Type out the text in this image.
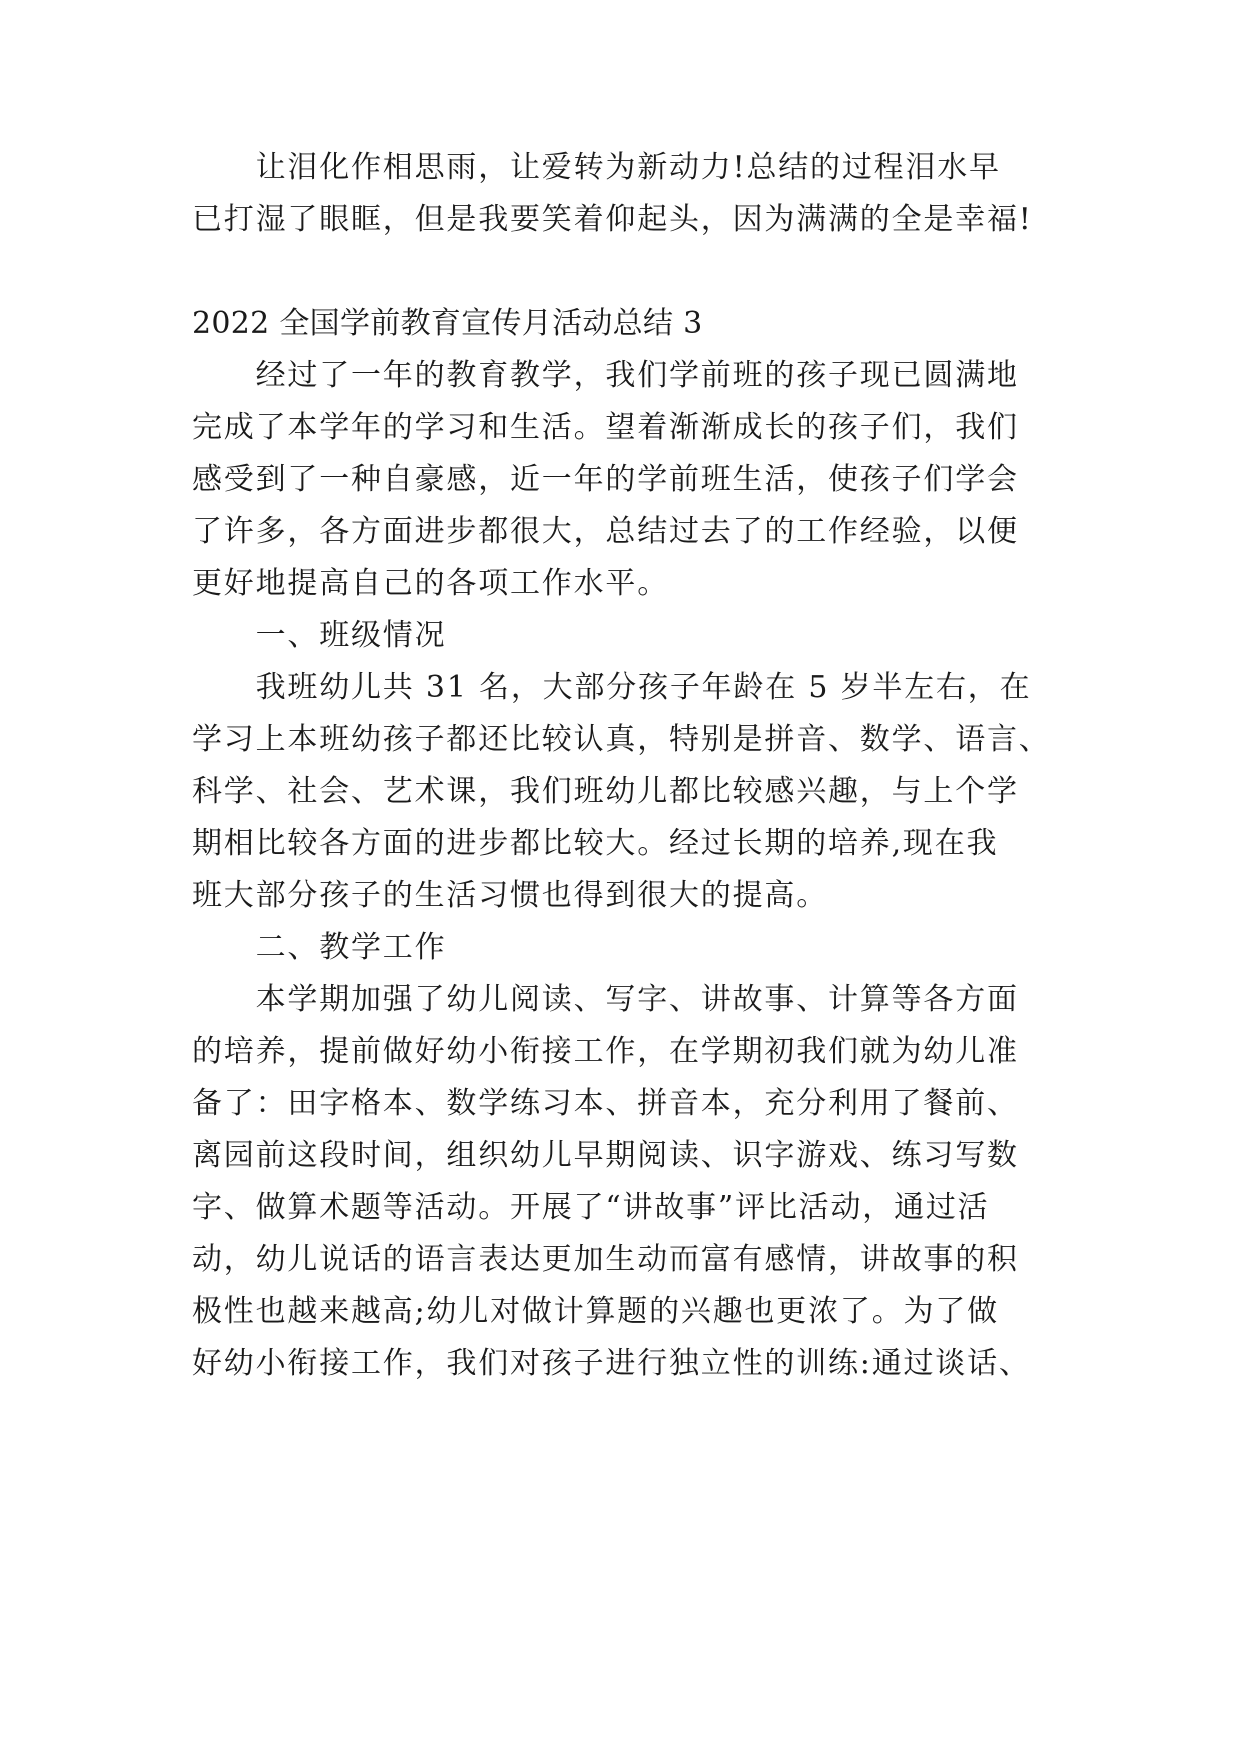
　　让泪化作相思雨，让爱转为新动力!总结的过程泪水早
已打湿了眼眶，但是我要笑着仰起头，因为满满的全是幸福!
2022 全国学前教育宣传月活动总结 3
　　经过了一年的教育教学，我们学前班的孩子现已圆满地
完成了本学年的学习和生活。望着渐渐成长的孩子们，我们
感受到了一种自豪感，近一年的学前班生活，使孩子们学会
了许多，各方面进步都很大，总结过去了的工作经验，以便
更好地提高自己的各项工作水平。
　　一、班级情况
　　我班幼儿共 31 名，大部分孩子年龄在 5 岁半左右，在
学习上本班幼孩子都还比较认真，特别是拼音、数学、语言、
科学、社会、艺术课，我们班幼儿都比较感兴趣，与上个学
期相比较各方面的进步都比较大。经过长期的培养,现在我
班大部分孩子的生活习惯也得到很大的提高。
　　二、教学工作
　　本学期加强了幼儿阅读、写字、讲故事、计算等各方面
的培养，提前做好幼小衔接工作，在学期初我们就为幼儿准
备了：田字格本、数学练习本、拼音本，充分利用了餐前、
离园前这段时间，组织幼儿早期阅读、识字游戏、练习写数
字、做算术题等活动。开展了“讲故事”评比活动，通过活
动，幼儿说话的语言表达更加生动而富有感情，讲故事的积
极性也越来越高;幼儿对做计算题的兴趣也更浓了。为了做
好幼小衔接工作，我们对孩子进行独立性的训练:通过谈话、
